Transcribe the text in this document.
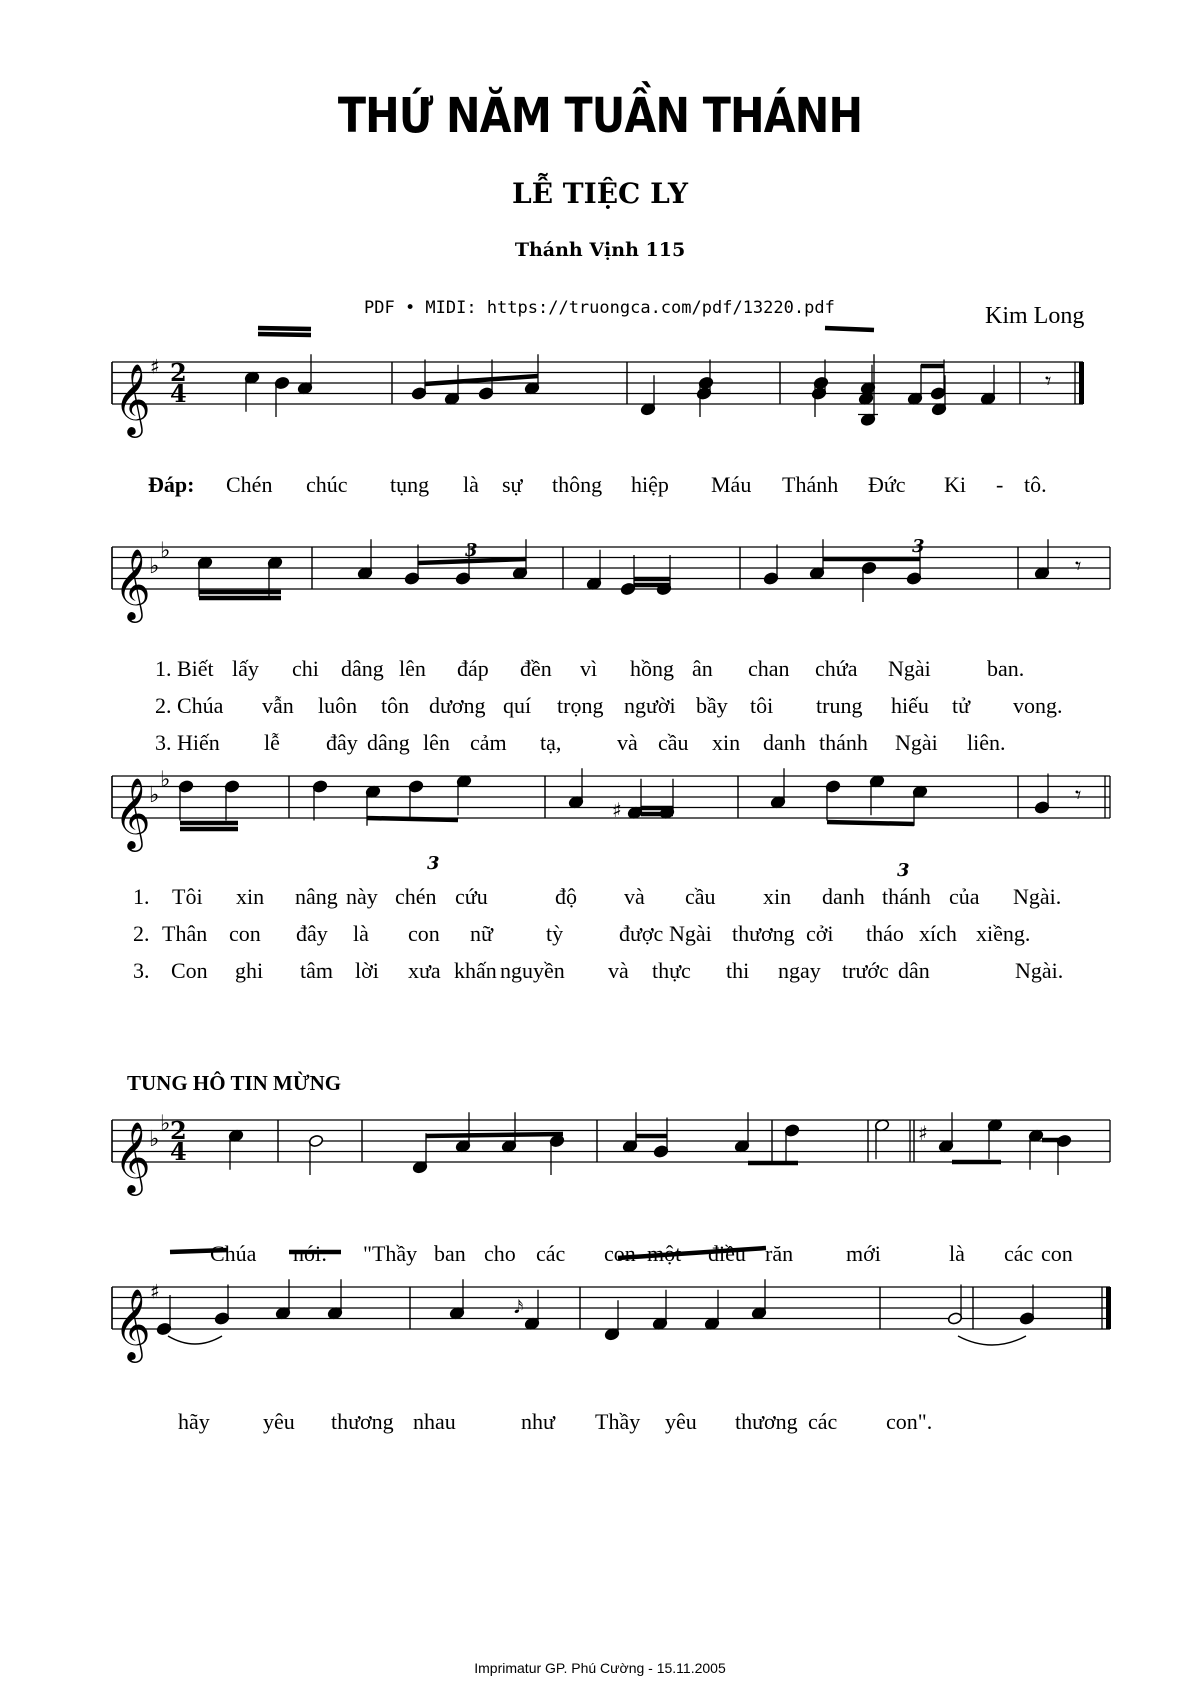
THỨ NĂM TUẦN THÁNH
LỄ TIỆC LY
Thánh Vịnh 115
PDF • MIDI: https://truongca.com/pdf/13220.pdf	Kim Long
𝄞 ♯ 2
4	𝄾
𝄞
♭
♭
𝄾
3	3
𝄞
♭
♭
𝄾
3	3
♯
𝄞
♭
♭ 2
4
♯
𝄞 ♯
𝅘𝅥𝅯
Đáp: Chén chúc tụng là sự thông hiệp Máu Thánh Đức Ki - tô.
1. Biết lấy chi dâng lên đáp đền vì hồng ân chan chứa Ngài	ban.
2. Chúa vẫn luôn tôn dương quí trọng người bầy tôi trung hiếu tử vong.
3. Hiến lễ đây dâng lên cảm tạ,	và cầu xin danh thánh Ngài liên.
1. Tôi xin nâng này chén cứu	độ và cầu xin danh thánh của Ngài.
2. Thân con đây là con nữ tỳ	được Ngài thương cởi tháo xích xiềng.
3. Con ghi tâm lời xưa khấn nguyền và thực thi ngay trước dân	Ngài.
Chúa nói: "Thầy ban cho các con một điều răn mới	là các con
hãy yêu thương nhau	như Thầy yêu thương các con".
TUNG HÔ TIN MỪNG
Imprimatur GP. Phú Cường - 15.11.2005
